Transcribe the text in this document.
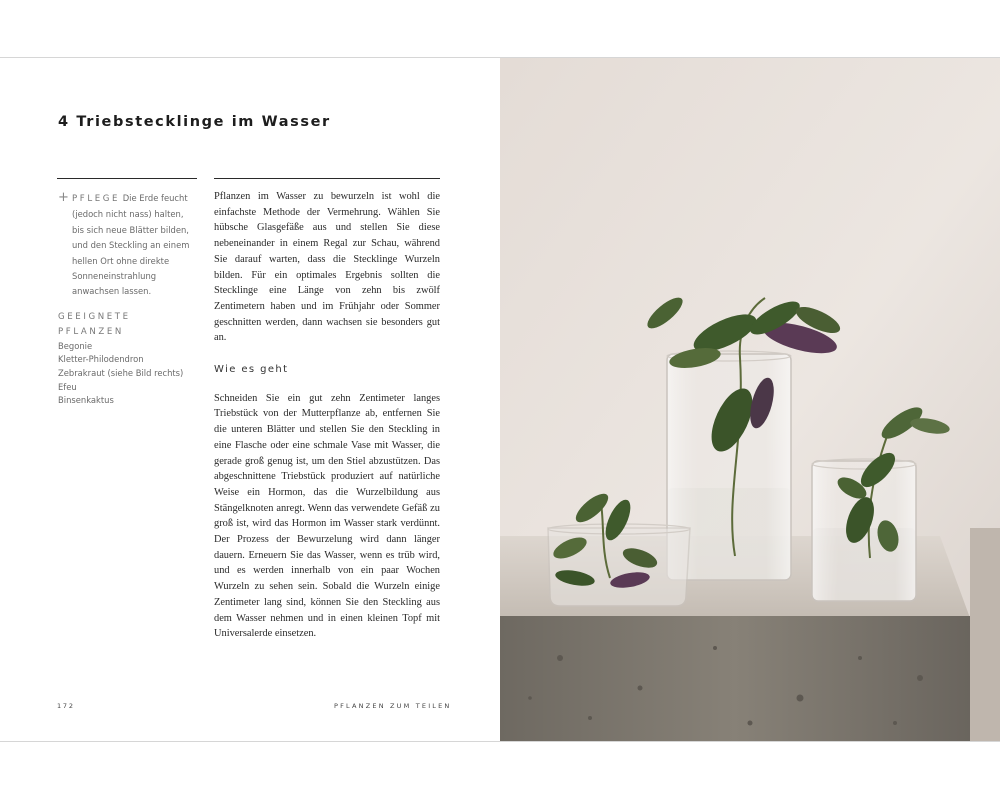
4 Triebstecklinge im Wasser
+ PFLEGE Die Erde feucht (jedoch nicht nass) halten, bis sich neue Blätter bilden, und den Steckling an einem hellen Ort ohne direkte Sonneneinstrahlung anwachsen lassen.
GEEIGNETE PFLANZEN
Begonie
Kletter-Philodendron
Zebrakraut (siehe Bild rechts)
Efeu
Binsenkaktus

Pflanzen im Wasser zu bewurzeln ist wohl die einfachste Methode der Vermehrung. Wählen Sie hübsche Glasgefäße aus und stellen Sie diese nebeneinander in einem Regal zur Schau, während Sie darauf warten, dass die Stecklinge Wurzeln bilden. Für ein optimales Ergebnis sollten die Stecklinge eine Länge von zehn bis zwölf Zentimetern haben und im Frühjahr oder Sommer geschnitten werden, dann wachsen sie besonders gut an.

Wie es geht

Schneiden Sie ein gut zehn Zentimeter langes Triebstück von der Mutterpflanze ab, entfernen Sie die unteren Blätter und stellen Sie den Steckling in eine Flasche oder eine schmale Vase mit Wasser, die gerade groß genug ist, um den Stiel abzustützen. Das abgeschnittene Triebstück produziert auf natürliche Weise ein Hormon, das die Wurzelbildung aus Stängelknoten anregt. Wenn das verwendete Gefäß zu groß ist, wird das Hormon im Wasser stark verdünnt. Der Prozess der Bewurzelung wird dann länger dauern. Erneuern Sie das Wasser, wenn es trüb wird, und es werden innerhalb von ein paar Wochen Wurzeln zu sehen sein. Sobald die Wurzeln einige Zentimeter lang sind, können Sie den Steckling aus dem Wasser nehmen und in einen kleinen Topf mit Universalerde einsetzen.

172	PFLANZEN ZUM TEILEN
